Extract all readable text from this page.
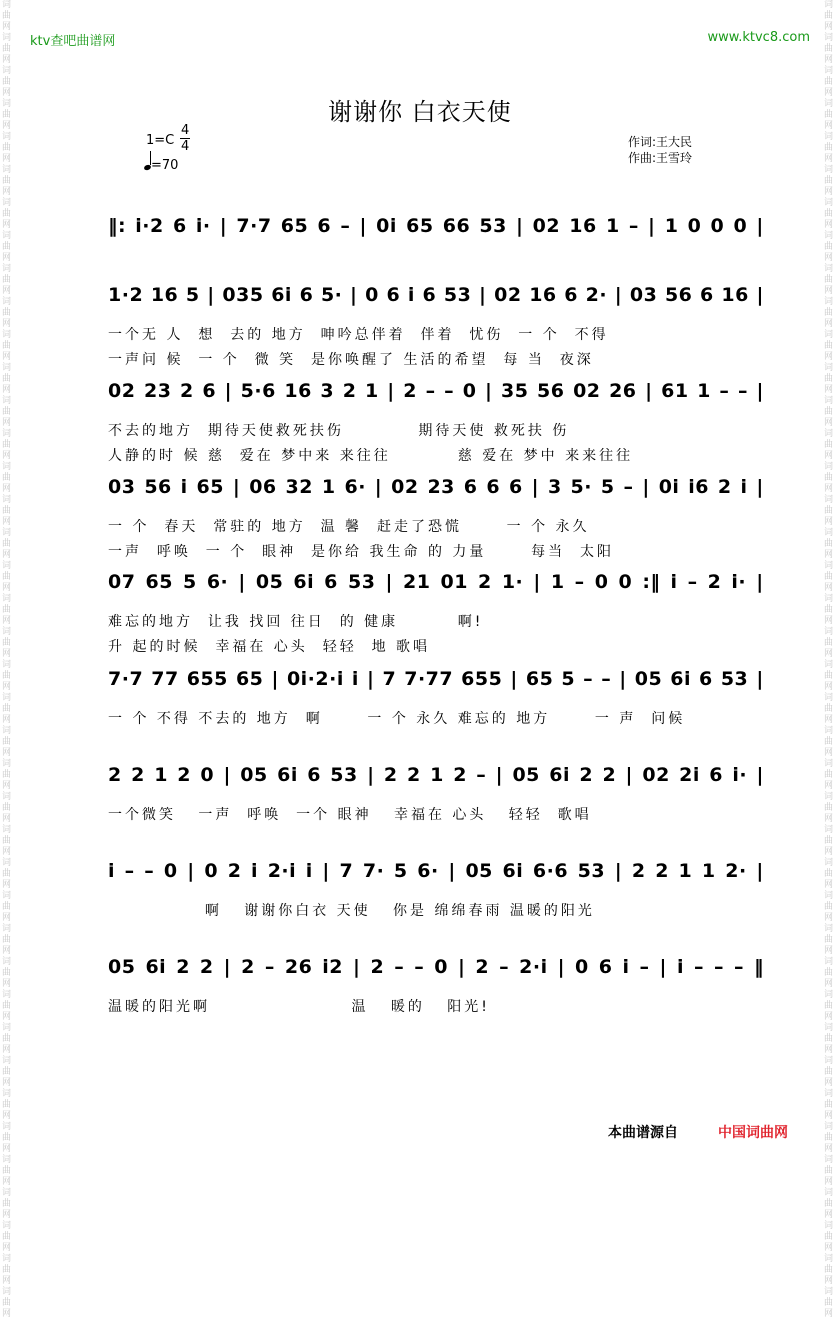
词曲网词曲网词曲网词曲网词曲网词曲网词曲网词曲网词曲网词曲网词曲网词曲网词曲网词曲网词曲网词曲网词曲网词曲网词曲网词曲网词曲网词曲网词曲网词曲网词曲网词曲网词曲网词曲网词曲网词曲网词曲网词曲网词曲网词曲网词曲网词曲网词曲网词曲网词曲网词曲网
词曲网词曲网词曲网词曲网词曲网词曲网词曲网词曲网词曲网词曲网词曲网词曲网词曲网词曲网词曲网词曲网词曲网词曲网词曲网词曲网词曲网词曲网词曲网词曲网词曲网词曲网词曲网词曲网词曲网词曲网词曲网词曲网词曲网词曲网词曲网词曲网词曲网词曲网词曲网词曲网
ktv查吧曲谱网	www.ktvc8.com
谢谢你 白衣天使
1=C
4
4
=70
作词:王大民
作曲:王雪玲
‖: i·2 6 i· | 7·7 65 6 – | 0i 65 66 53 | 02 16 1 – | 1 0 0 0 |
1·2 16 5 | 035 6i 6 5· | 0 6 i 6 53 | 02 16 6 2· | 03 56 6 16 |
一个无 人  想  去的 地方  呻吟总伴着  伴着  忧伤  一 个  不得
一声问 候  一 个  微 笑  是你唤醒了 生活的希望  每 当  夜深
02 23 2 6 | 5·6 16 3 2 1 | 2 – – 0 | 35 56 02 26 | 61 1 – – |
不去的地方  期待天使救死扶伤          期待天使 救死扶 伤
人静的时 候 慈  爱在 梦中来 来往往         慈 爱在 梦中 来来往往
03 56 i 65 | 06 32 1 6· | 02 23 6 6 6 | 3 5· 5 – | 0i i6 2 i |
一 个  春天  常驻的 地方  温 馨  赶走了恐慌      一 个 永久
一声  呼唤  一 个  眼神  是你给 我生命 的 力量      每当  太阳
07 65 5 6· | 05 6i 6 53 | 21 01 2 1· | 1 – 0 0 :‖ i – 2 i· |
难忘的地方  让我 找回 往日  的 健康        啊!
升 起的时候  幸福在 心头  轻轻  地 歌唱
7·7 77 655 65 | 0i·2·i i | 7 7·77 655 | 65 5 – – | 05 6i 6 53 |
一 个 不得 不去的 地方  啊      一 个 永久 难忘的 地方      一 声  问候
2 2 1 2 0 | 05 6i 6 53 | 2 2 1 2 – | 05 6i 2 2 | 02 2i 6 i· |
一个微笑   一声  呼唤  一个 眼神   幸福在 心头   轻轻  歌唱
i – – 0 | 0 2 i 2·i i | 7 7· 5 6· | 05 6i 6·6 53 | 2 2 1 1 2· |
啊   谢谢你白衣 天使   你是 绵绵春雨 温暖的阳光
05 6i 2 2 | 2 – 26 i2 | 2 – – 0 | 2 – 2·i | 0 6 i – | i – – – ‖
温暖的阳光啊                   温   暖的   阳光!
本曲谱源自	中国词曲网
